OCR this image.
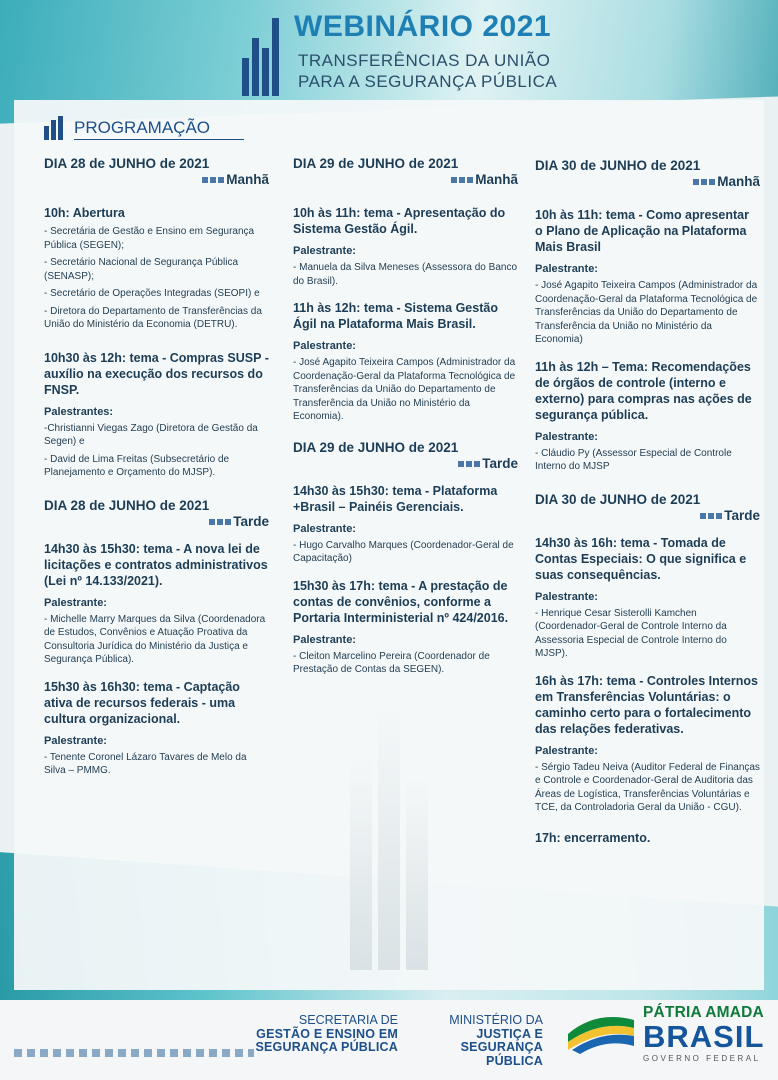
WEBINÁRIO 2021
TRANSFERÊNCIAS DA UNIÃO
PARA A SEGURANÇA PÚBLICA
PROGRAMAÇÃO
DIA 28 de JUNHO de 2021
Manhã
10h: Abertura
- Secretária de Gestão e Ensino em Segurança Pública (SEGEN);
- Secretário Nacional de Segurança Pública (SENASP);
- Secretário de Operações Integradas (SEOPI) e
- Diretora do Departamento de Transferências da União do Ministério da Economia (DETRU).
10h30 às 12h: tema - Compras SUSP - auxílio na execução dos recursos do FNSP.
Palestrantes:
-Christianni Viegas Zago (Diretora de Gestão da Segen) e
- David de Lima Freitas (Subsecretário de Planejamento e Orçamento do MJSP).
DIA 28 de JUNHO de 2021
Tarde
14h30 às 15h30: tema - A nova lei de licitações e contratos administrativos (Lei nº 14.133/2021).
Palestrante:
- Michelle Marry Marques da Silva (Coordenadora de Estudos, Convênios e Atuação Proativa da Consultoria Jurídica do Ministério da Justiça e Segurança Pública).
15h30 às 16h30: tema - Captação ativa de recursos federais - uma cultura organizacional.
Palestrante:
- Tenente Coronel Lázaro Tavares de Melo da Silva – PMMG.
DIA 29 de JUNHO de 2021
Manhã
10h às 11h: tema - Apresentação do Sistema Gestão Ágil.
Palestrante:
- Manuela da Silva Meneses (Assessora do Banco do Brasil).
11h às 12h: tema - Sistema Gestão Ágil na Plataforma Mais Brasil.
Palestrante:
- José Agapito Teixeira Campos (Administrador da Coordenação-Geral da Plataforma Tecnológica de Transferências da União do Departamento de Transferência da União no Ministério da Economia).
DIA 29 de JUNHO de 2021
Tarde
14h30 às 15h30: tema - Plataforma +Brasil – Painéis Gerenciais.
Palestrante:
- Hugo Carvalho Marques (Coordenador-Geral de Capacitação)
15h30 às 17h: tema - A prestação de contas de convênios, conforme a Portaria Interministerial nº 424/2016.
Palestrante:
- Cleiton Marcelino Pereira (Coordenador de Prestação de Contas da SEGEN).
DIA 30 de JUNHO de 2021
Manhã
10h às 11h: tema - Como apresentar o Plano de Aplicação na Plataforma Mais Brasil
Palestrante:
- José Agapito Teixeira Campos (Administrador da Coordenação-Geral da Plataforma Tecnológica de Transferências da União do Departamento de Transferência da União no Ministério da Economia)
11h às 12h – Tema: Recomendações de órgãos de controle (interno e externo) para compras nas ações de segurança pública.
Palestrante:
- Cláudio Py (Assessor Especial de Controle Interno do MJSP
DIA 30 de JUNHO de 2021
Tarde
14h30 às 16h: tema - Tomada de Contas Especiais: O que significa e suas consequências.
Palestrante:
- Henrique Cesar Sisterolli Kamchen (Coordenador-Geral de Controle Interno da Assessoria Especial de Controle Interno do MJSP).
16h às 17h: tema - Controles Internos em Transferências Voluntárias: o caminho certo para o fortalecimento das relações federativas.
Palestrante:
- Sérgio Tadeu Neiva (Auditor Federal de Finanças e Controle e Coordenador-Geral de Auditoria das Áreas de Logística, Transferências Voluntárias e TCE, da Controladoria Geral da União - CGU).
17h: encerramento.
SECRETARIA DE
GESTÃO E ENSINO EM
SEGURANÇA PÚBLICA
MINISTÉRIO DA
JUSTIÇA E
SEGURANÇA PÚBLICA
PÁTRIA AMADA
BRASIL
GOVERNO FEDERAL
